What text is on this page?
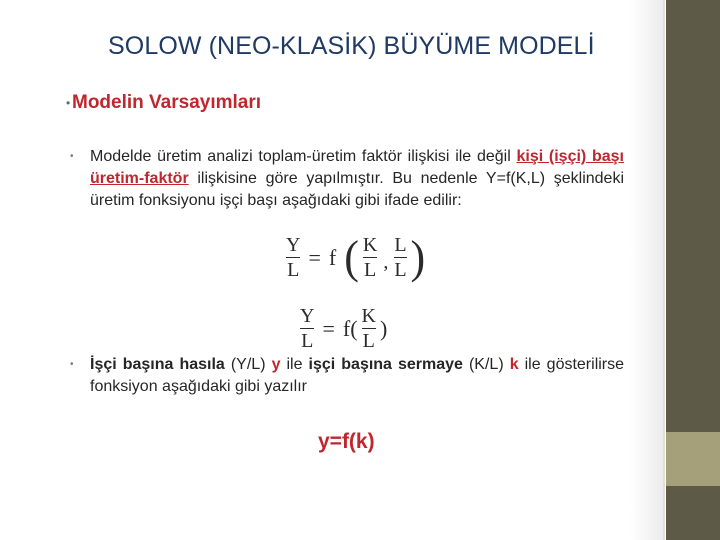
SOLOW (NEO-KLASİK) BÜYÜME MODELİ
• Modelin Varsayımları
• Modelde üretim analizi toplam-üretim faktör ilişkisi ile değil kişi (işçi) başı üretim-faktör ilişkisine göre yapılmıştır. Bu nedenle Y=f(K,L) şeklindeki üretim fonksiyonu işçi başı aşağıdaki gibi ifade edilir:
$\frac{Y}{L} = f$ ( $\frac{K}{L}$ , $\frac{L}{L}$ )
$\frac{Y}{L} = f( \frac{K}{L}$ )
• İşçi başına hasıla (Y/L) y ile işçi başına sermaye (K/L) k ile gösterilirse fonksiyon aşağıdaki gibi yazılır
y=f(k)
